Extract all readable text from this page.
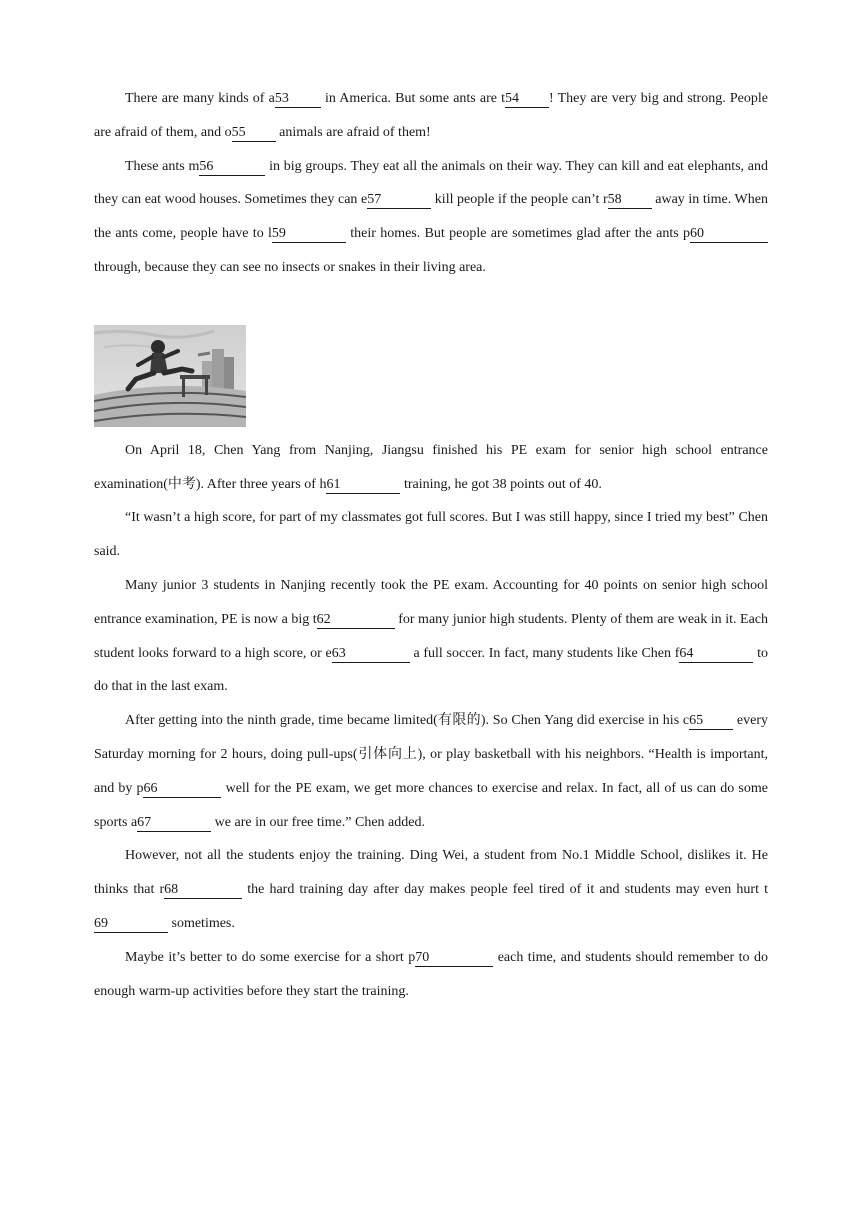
There are many kinds of a53 in America. But some ants are t54 ! They are very big and strong. People are afraid of them, and o55 animals are afraid of them!

These ants m56	in big groups. They eat all the animals on their way. They can kill and eat elephants, and they can eat wood houses. Sometimes they can e57	kill people if the people can’t r58 away in time. When the ants come, people have to l59	their homes. But people are sometimes glad after the ants p60 through, because they can see no insects or snakes in their living area.

On April 18, Chen Yang from Nanjing, Jiangsu finished his PE exam for senior high school entrance examination(中考). After three years of h61	training, he got 38 points out of 40.

“It wasn’t a high score, for part of my classmates got full scores. But I was still happy, since I tried my best” Chen said.

Many junior 3 students in Nanjing recently took the PE exam. Accounting for 40 points on senior high school entrance examination, PE is now a big t62	for many junior high students. Plenty of them are weak in it. Each student looks forward to a high score, or e63	a full soccer. In fact, many students like Chen f64	to do that in the last exam.

After getting into the ninth grade, time became limited(有限的). So Chen Yang did exercise in his c65 every Saturday morning for 2 hours, doing pull-ups(引体向上), or play basketball with his neighbors. “Health is important, and by p66	well for the PE exam, we get more chances to exercise and relax. In fact, all of us can do some sports a67	we are in our free time.” Chen added.

However, not all the students enjoy the training. Ding Wei, a student from No.1 Middle School, dislikes it. He thinks that r68	the hard training day after day makes people feel tired of it and students may even hurt t69	sometimes.

Maybe it’s better to do some exercise for a short p70	each time, and students should remember to do enough warm-up activities before they start the training.
